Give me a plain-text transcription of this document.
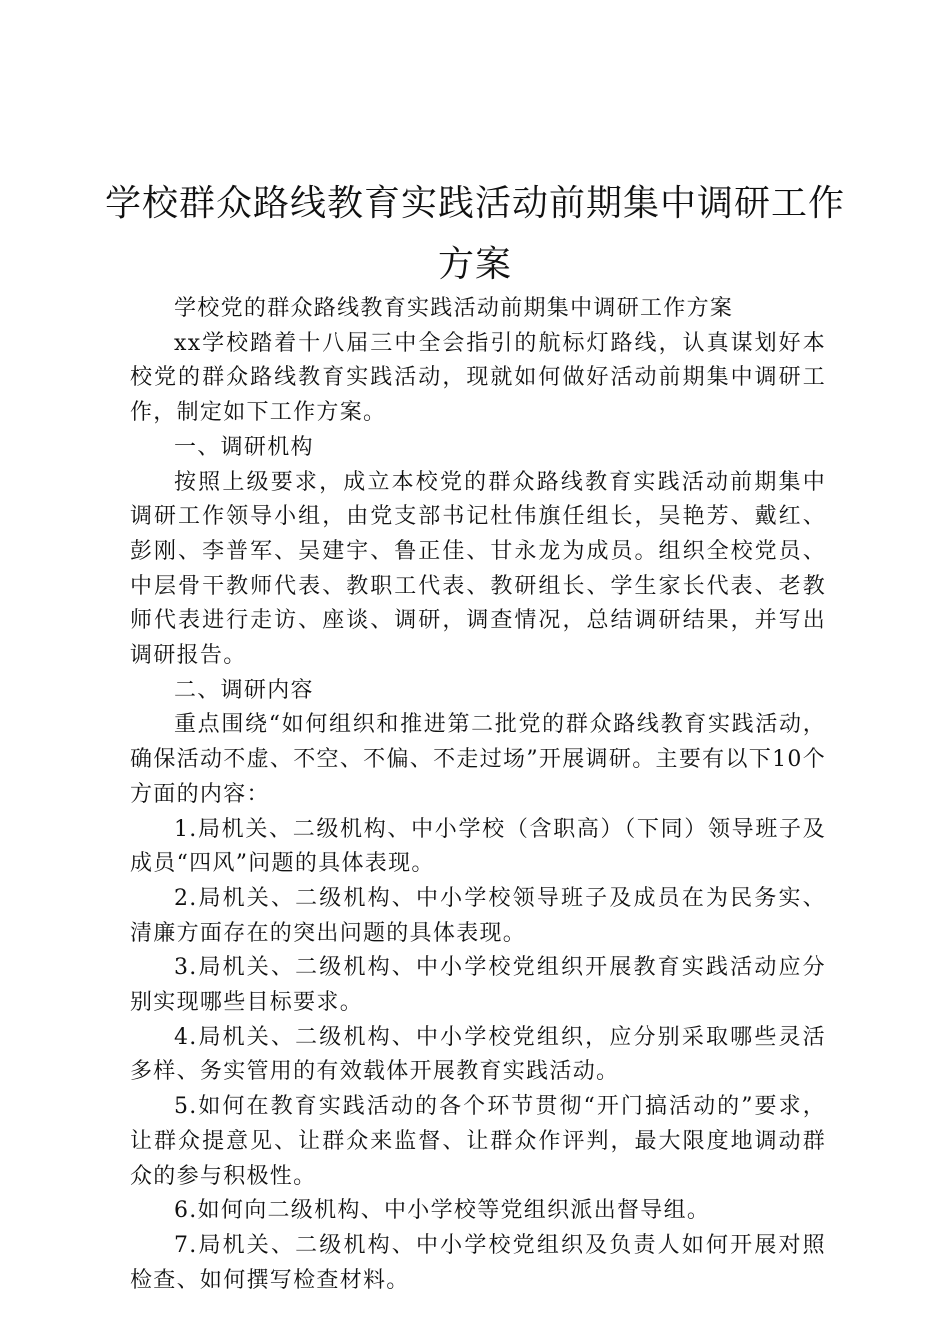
学校群众路线教育实践活动前期集中调研工作
方案

学校党的群众路线教育实践活动前期集中调研工作方案

xx学校踏着十八届三中全会指引的航标灯路线，认真谋划好本校党的群众路线教育实践活动，现就如何做好活动前期集中调研工作，制定如下工作方案。

一、调研机构

按照上级要求，成立本校党的群众路线教育实践活动前期集中调研工作领导小组，由党支部书记杜伟旗任组长，吴艳芳、戴红、彭刚、李普军、吴建宇、鲁正佳、甘永龙为成员。组织全校党员、中层骨干教师代表、教职工代表、教研组长、学生家长代表、老教师代表进行走访、座谈、调研，调查情况，总结调研结果，并写出调研报告。

二、调研内容

重点围绕“如何组织和推进第二批党的群众路线教育实践活动，确保活动不虚、不空、不偏、不走过场”开展调研。主要有以下10个方面的内容：

1.局机关、二级机构、中小学校（含职高）（下同）领导班子及成员“四风”问题的具体表现。

2.局机关、二级机构、中小学校领导班子及成员在为民务实、清廉方面存在的突出问题的具体表现。

3.局机关、二级机构、中小学校党组织开展教育实践活动应分别实现哪些目标要求。

4.局机关、二级机构、中小学校党组织，应分别采取哪些灵活多样、务实管用的有效载体开展教育实践活动。

5.如何在教育实践活动的各个环节贯彻“开门搞活动的”要求，让群众提意见、让群众来监督、让群众作评判，最大限度地调动群众的参与积极性。

6.如何向二级机构、中小学校等党组织派出督导组。

7.局机关、二级机构、中小学校党组织及负责人如何开展对照检查、如何撰写检查材料。
